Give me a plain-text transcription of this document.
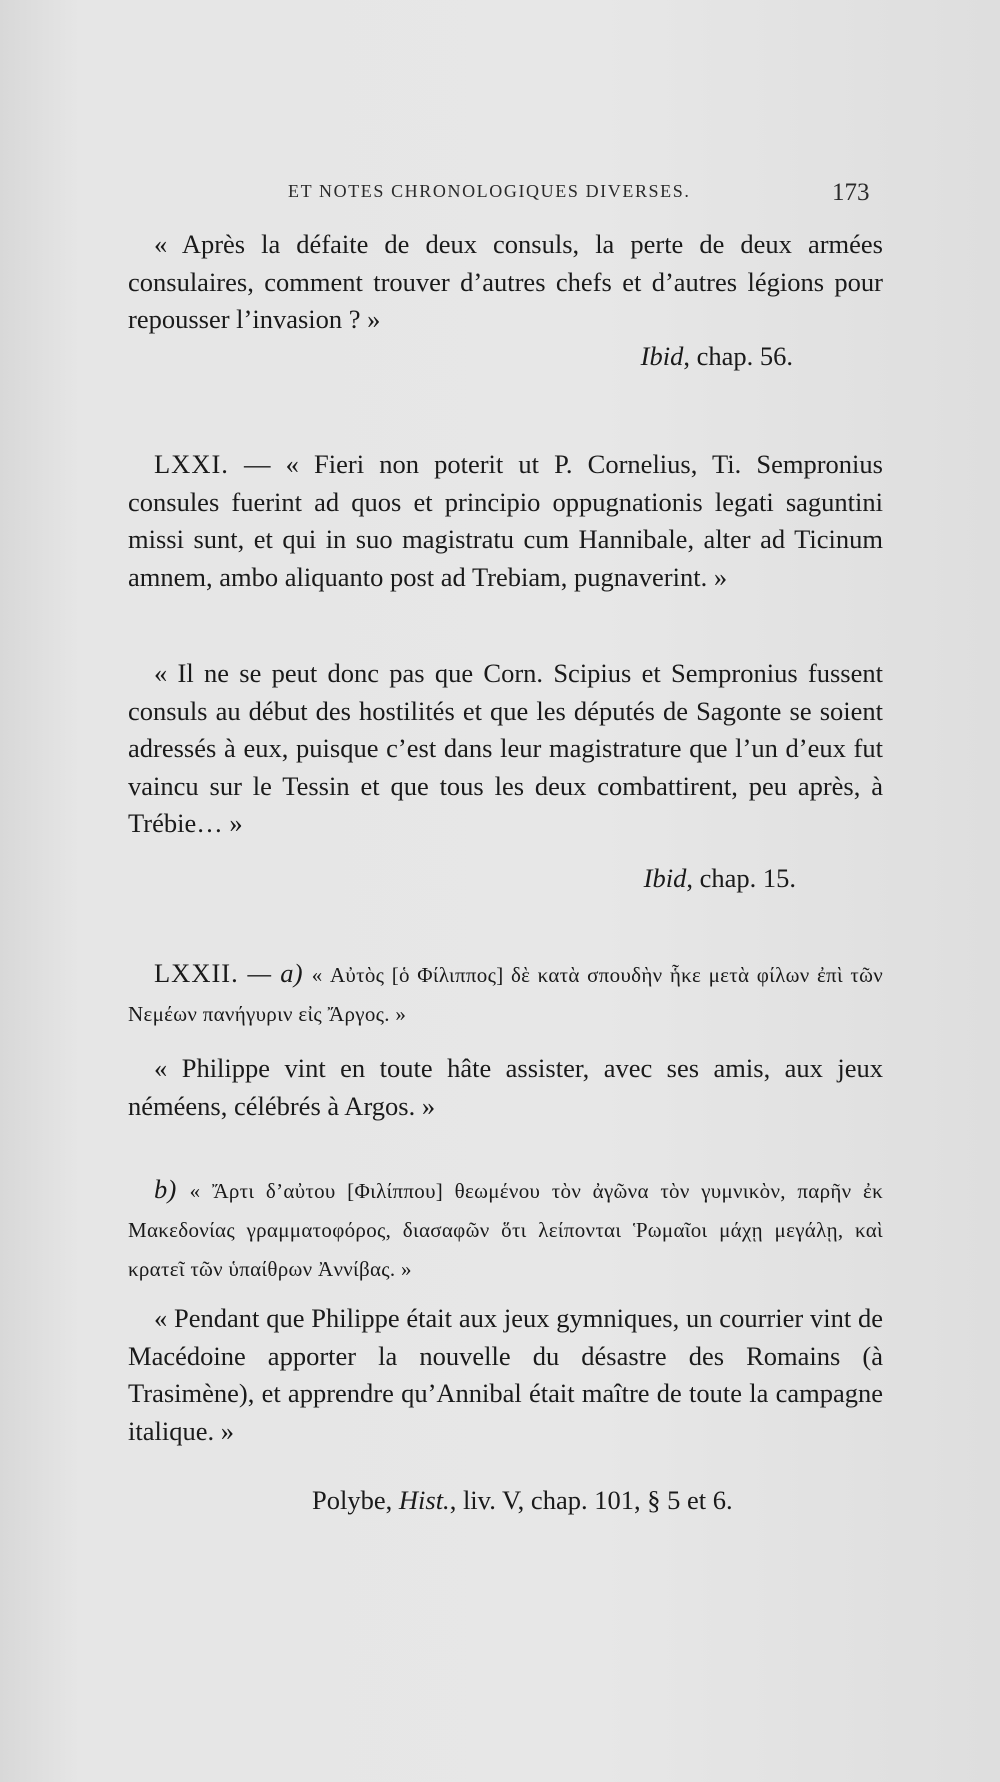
ET NOTES CHRONOLOGIQUES DIVERSES.	173

« Après la défaite de deux consuls, la perte de deux armées consulaires, comment trouver d’autres chefs et d’autres légions pour repousser l’invasion ? »

Ibid, chap. 56.

LXXI. — « Fieri non poterit ut P. Cornelius, Ti. Sempronius consules fuerint ad quos et principio oppugnationis legati saguntini missi sunt, et qui in suo magistratu cum Hannibale, alter ad Ticinum amnem, ambo aliquanto post ad Trebiam, pugnaverint. »

« Il ne se peut donc pas que Corn. Scipius et Sempronius fussent consuls au début des hostilités et que les députés de Sagonte se soient adressés à eux, puisque c’est dans leur magistrature que l’un d’eux fut vaincu sur le Tessin et que tous les deux combattirent, peu après, à Trébie… »

Ibid, chap. 15.

LXXII. — a) « Αὐτὸς [ὁ Φίλιππος] δὲ κατὰ σπουδὴν ἧκε μετὰ φίλων ἐπὶ τῶν Νεμέων πανήγυριν εἰς Ἄργος. »

« Philippe vint en toute hâte assister, avec ses amis, aux jeux néméens, célébrés à Argos. »

b) « Ἄρτι δ’αὐτου [Φιλίππου] θεωμένου τὸν ἀγῶνα τὸν γυμνικὸν, παρῆν ἐκ Μακεδονίας γραμματοφόρος, διασαφῶν ὅτι λείπονται Ῥωμαῖοι μάχῃ μεγάλῃ, καὶ κρατεῖ τῶν ὑπαίθρων Ἀννίβας. »

« Pendant que Philippe était aux jeux gymniques, un courrier vint de Macédoine apporter la nouvelle du désastre des Romains (à Trasimène), et apprendre qu’Annibal était maître de toute la campagne italique. »

Polybe, Hist., liv. V, chap. 101, § 5 et 6.
